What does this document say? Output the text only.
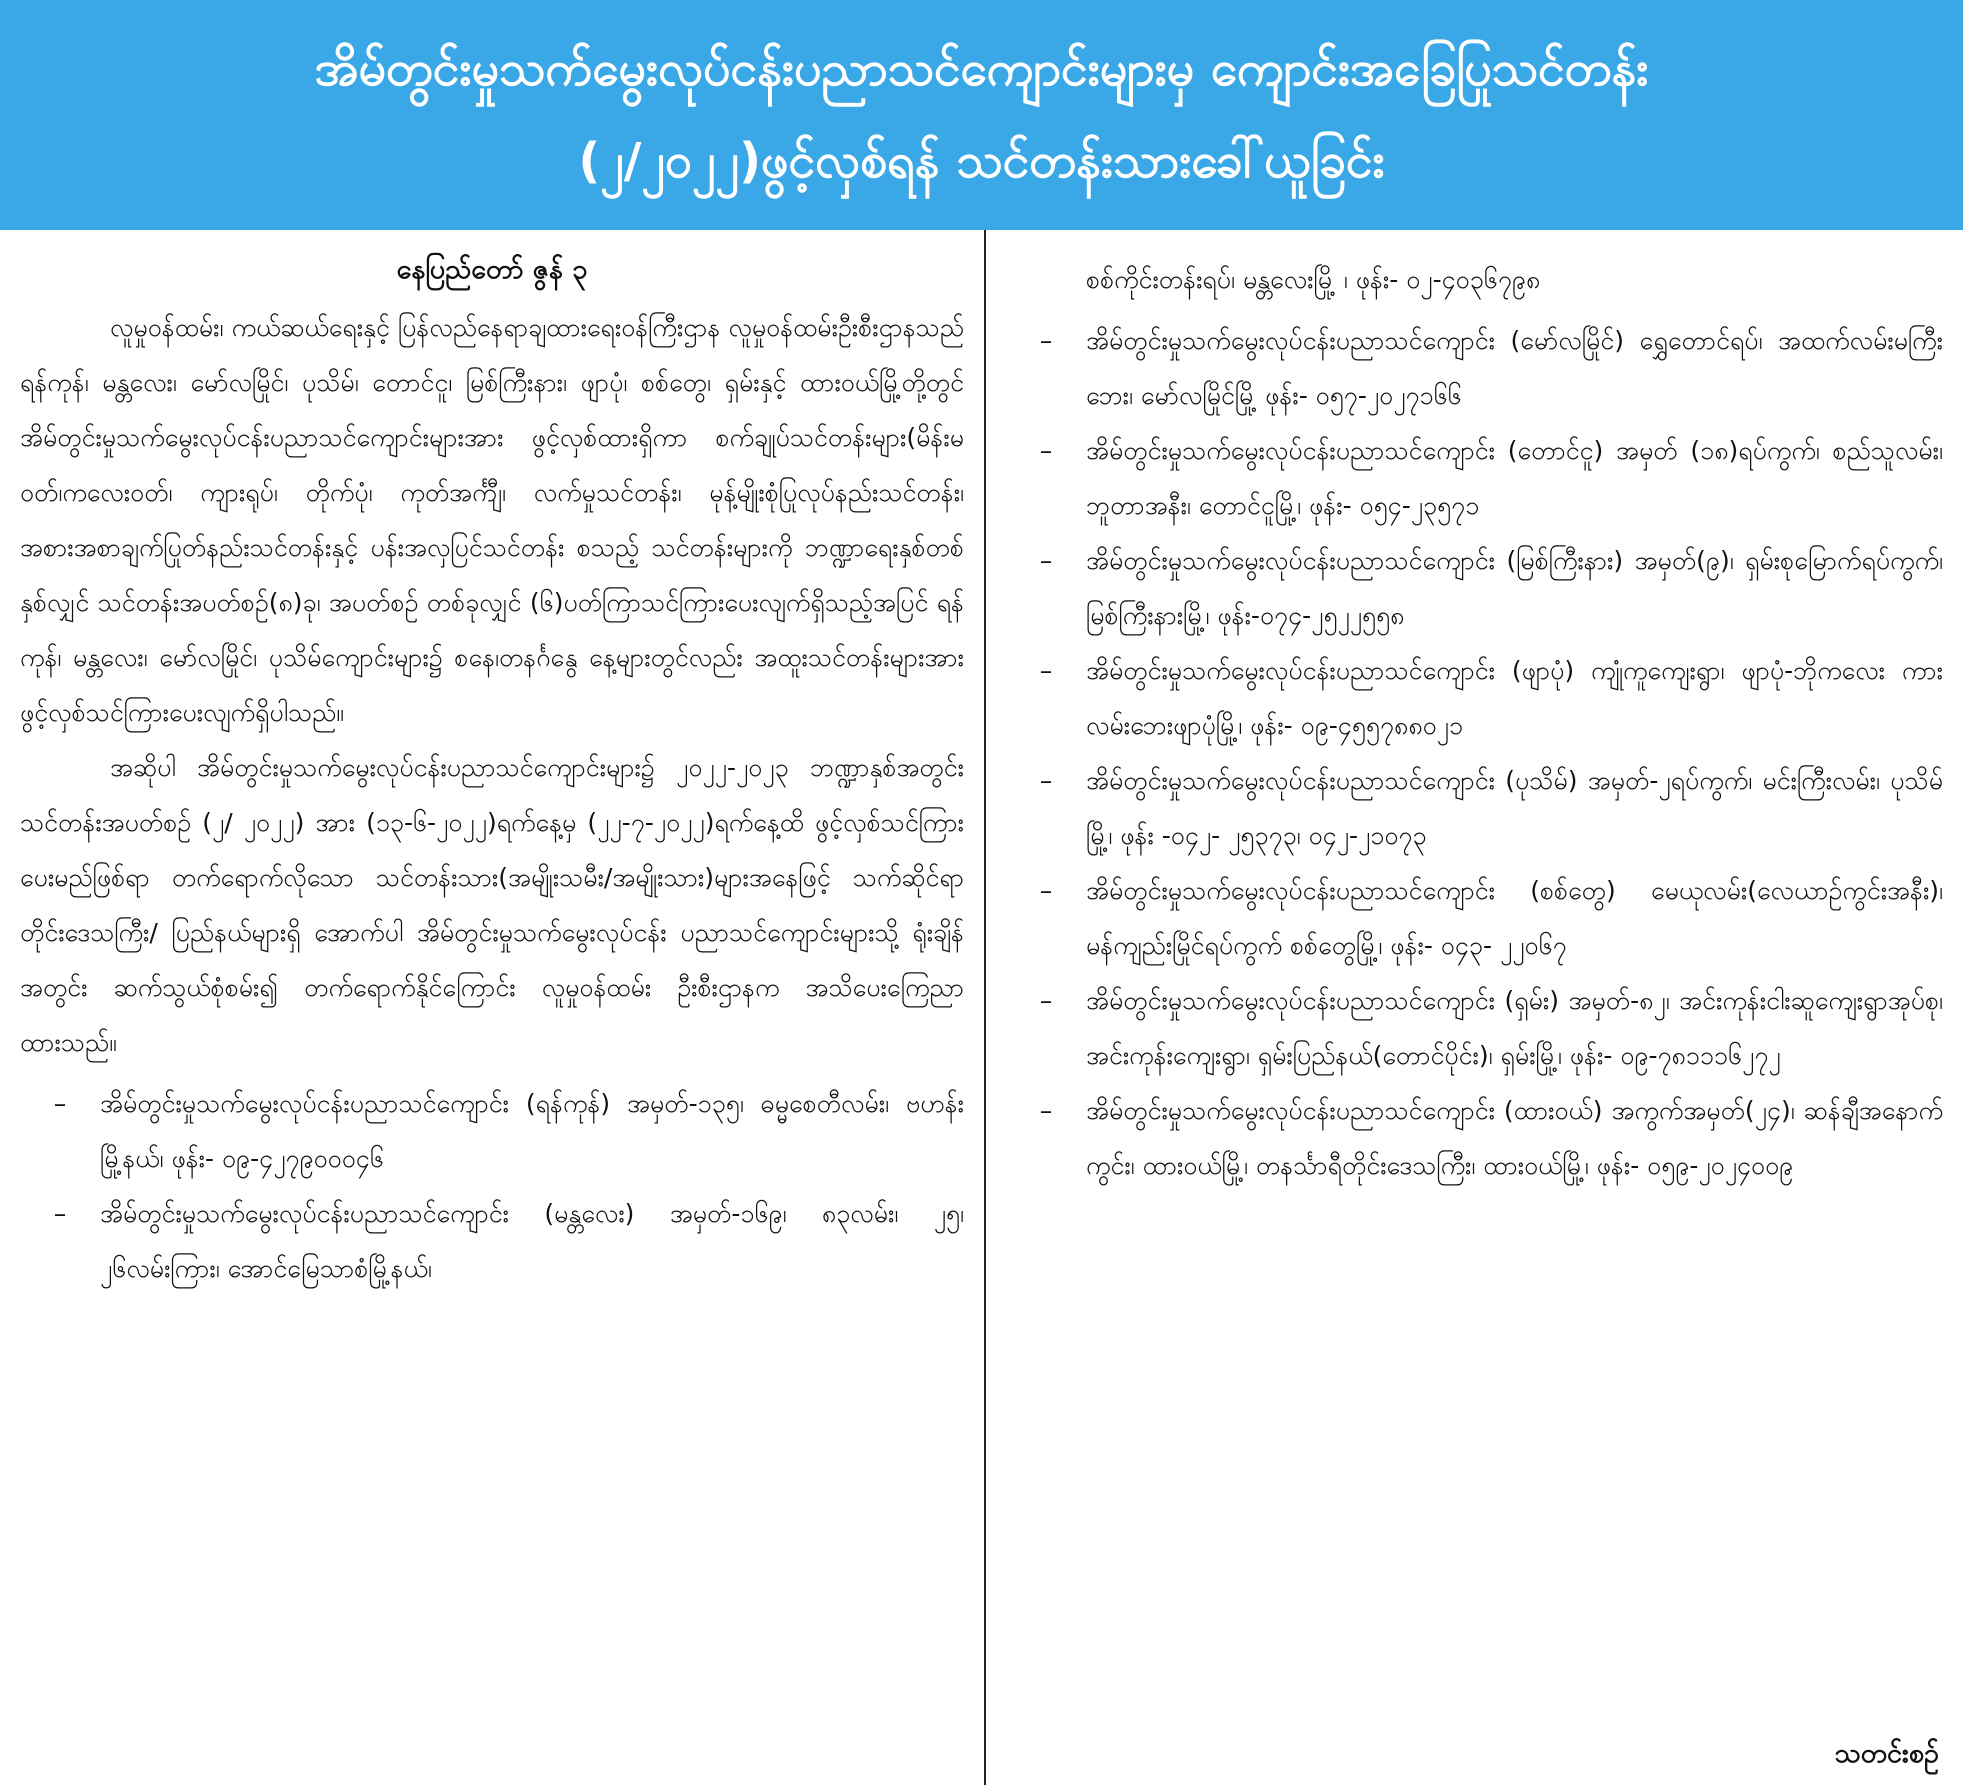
အိမ်တွင်းမှုသက်မွေးလုပ်ငန်းပညာသင်ကျောင်းများမှ ကျောင်းအခြေပြုသင်တန်း
(၂/၂၀၂၂)ဖွင့်လှစ်ရန် သင်တန်းသားခေါ်ယူခြင်း
နေပြည်တော် ဇွန် ၃

လူမှုဝန်ထမ်း၊ ကယ်ဆယ်ရေးနှင့် ပြန်လည်နေရာချထားရေးဝန်ကြီးဌာန လူမှုဝန်ထမ်းဦးစီးဌာနသည် ရန်ကုန်၊ မန္တလေး၊ မော်လမြိုင်၊ ပုသိမ်၊ တောင်ငူ၊ မြစ်ကြီးနား၊ ဖျာပုံ၊ စစ်တွေ၊ ရှမ်းနှင့် ထားဝယ်မြို့တို့တွင် အိမ်တွင်းမှုသက်မွေးလုပ်ငန်းပညာသင်ကျောင်းများအား ဖွင့်လှစ်ထားရှိကာ စက်ချုပ်သင်တန်းများ(မိန်းမဝတ်၊ကလေးဝတ်၊ ကျားရုပ်၊ တိုက်ပုံ၊ ကုတ်အင်္ကျီ၊ လက်မှုသင်တန်း၊ မုန့်မျိုးစုံပြုလုပ်နည်းသင်တန်း၊ အစားအစာချက်ပြုတ်နည်းသင်တန်းနှင့် ပန်းအလှပြင်သင်တန်း စသည့် သင်တန်းများကို ဘဏ္ဍာရေးနှစ်တစ်နှစ်လျှင် သင်တန်းအပတ်စဉ်(၈)ခု၊ အပတ်စဉ် တစ်ခုလျှင် (၆)ပတ်ကြာသင်ကြားပေးလျက်ရှိသည့်အပြင် ရန်ကုန်၊ မန္တလေး၊ မော်လမြိုင်၊ ပုသိမ်ကျောင်းများ၌ စနေ၊တနင်္ဂနွေ နေ့များတွင်လည်း အထူးသင်တန်းများအား ဖွင့်လှစ်သင်ကြားပေးလျက်ရှိပါသည်။

အဆိုပါ အိမ်တွင်းမှုသက်မွေးလုပ်ငန်းပညာသင်ကျောင်းများ၌ ၂၀၂၂-၂၀၂၃ ဘဏ္ဍာနှစ်အတွင်း သင်တန်းအပတ်စဉ် (၂/ ၂၀၂၂) အား (၁၃-၆-၂၀၂၂)ရက်နေ့မှ (၂၂-၇-၂၀၂၂)ရက်နေ့ထိ ဖွင့်လှစ်သင်ကြားပေးမည်ဖြစ်ရာ တက်ရောက်လိုသော သင်တန်းသား(အမျိုးသမီး/အမျိုးသား)များအနေဖြင့် သက်ဆိုင်ရာ တိုင်းဒေသကြီး/ ပြည်နယ်များရှိ အောက်ပါ အိမ်တွင်းမှုသက်မွေးလုပ်ငန်း ပညာသင်ကျောင်းများသို့ ရုံးချိန်အတွင်း ဆက်သွယ်စုံစမ်း၍ တက်ရောက်နိုင်ကြောင်း လူမှုဝန်ထမ်း ဦးစီးဌာနက အသိပေးကြေညာထားသည်။

–	အိမ်တွင်းမှုသက်မွေးလုပ်ငန်းပညာသင်ကျောင်း (ရန်ကုန်) အမှတ်-၁၃၅၊ ဓမ္မစေတီလမ်း၊ ဗဟန်းမြို့နယ်၊ ဖုန်း- ၀၉-၄၂၇၉၀၀၀၄၆
–	အိမ်တွင်းမှုသက်မွေးလုပ်ငန်းပညာသင်ကျောင်း (မန္တလေး) အမှတ်-၁၆၉၊ ၈၃လမ်း၊ ၂၅၊ ၂၆လမ်းကြား၊ အောင်မြေသာစံမြို့နယ်၊
စစ်ကိုင်းတန်းရပ်၊ မန္တလေးမြို့ ၊ ဖုန်း- ၀၂-၄၀၃၆၇၉၈
–	အိမ်တွင်းမှုသက်မွေးလုပ်ငန်းပညာသင်ကျောင်း (မော်လမြိုင်) ရွှေတောင်ရပ်၊ အထက်လမ်းမကြီးဘေး၊ မော်လမြိုင်မြို့ ဖုန်း- ၀၅၇-၂၀၂၇၁၆၆
–	အိမ်တွင်းမှုသက်မွေးလုပ်ငန်းပညာသင်ကျောင်း (တောင်ငူ) အမှတ် (၁၈)ရပ်ကွက်၊ စည်သူလမ်း၊ ဘူတာအနီး၊ တောင်ငူမြို့၊ ဖုန်း- ၀၅၄-၂၃၅၇၁
–	အိမ်တွင်းမှုသက်မွေးလုပ်ငန်းပညာသင်ကျောင်း (မြစ်ကြီးနား) အမှတ်(၉)၊ ရှမ်းစုမြောက်ရပ်ကွက်၊ မြစ်ကြီးနားမြို့၊ ဖုန်း-၀၇၄-၂၅၂၂၅၅၈
–	အိမ်တွင်းမှုသက်မွေးလုပ်ငန်းပညာသင်ကျောင်း (ဖျာပုံ) ကျုံကူကျေးရွာ၊ ဖျာပုံ-ဘိုကလေး ကားလမ်းဘေးဖျာပုံမြို့၊ ဖုန်း- ၀၉-၄၅၅၇၈၈၀၂၁
–	အိမ်တွင်းမှုသက်မွေးလုပ်ငန်းပညာသင်ကျောင်း (ပုသိမ်) အမှတ်-၂ရပ်ကွက်၊ မင်းကြီးလမ်း၊ ပုသိမ်မြို့၊ ဖုန်း -၀၄၂- ၂၅၃၇၃၊ ၀၄၂-၂၁၀၇၃
–	အိမ်တွင်းမှုသက်မွေးလုပ်ငန်းပညာသင်ကျောင်း (စစ်တွေ) မေယုလမ်း(လေယာဉ်ကွင်းအနီး)၊ မန်ကျည်းမြိုင်ရပ်ကွက် စစ်တွေမြို့၊ ဖုန်း- ၀၄၃- ၂၂၀၆၇
–	အိမ်တွင်းမှုသက်မွေးလုပ်ငန်းပညာသင်ကျောင်း (ရှမ်း) အမှတ်-၈၂၊ အင်းကုန်းငါးဆူကျေးရွာအုပ်စု၊ အင်းကုန်းကျေးရွာ၊ ရှမ်းပြည်နယ်(တောင်ပိုင်း)၊ ရှမ်းမြို့၊ ဖုန်း- ၀၉-၇၈၁၁၁၆၂၇၂
–	အိမ်တွင်းမှုသက်မွေးလုပ်ငန်းပညာသင်ကျောင်း (ထားဝယ်) အကွက်အမှတ်(၂၄)၊ ဆန်ချီအနောက်ကွင်း၊ ထားဝယ်မြို့၊ တနင်္သာရီတိုင်းဒေသကြီး၊ ထားဝယ်မြို့၊ ဖုန်း- ၀၅၉-၂၀၂၄၀၀၉
သတင်းစဉ်
